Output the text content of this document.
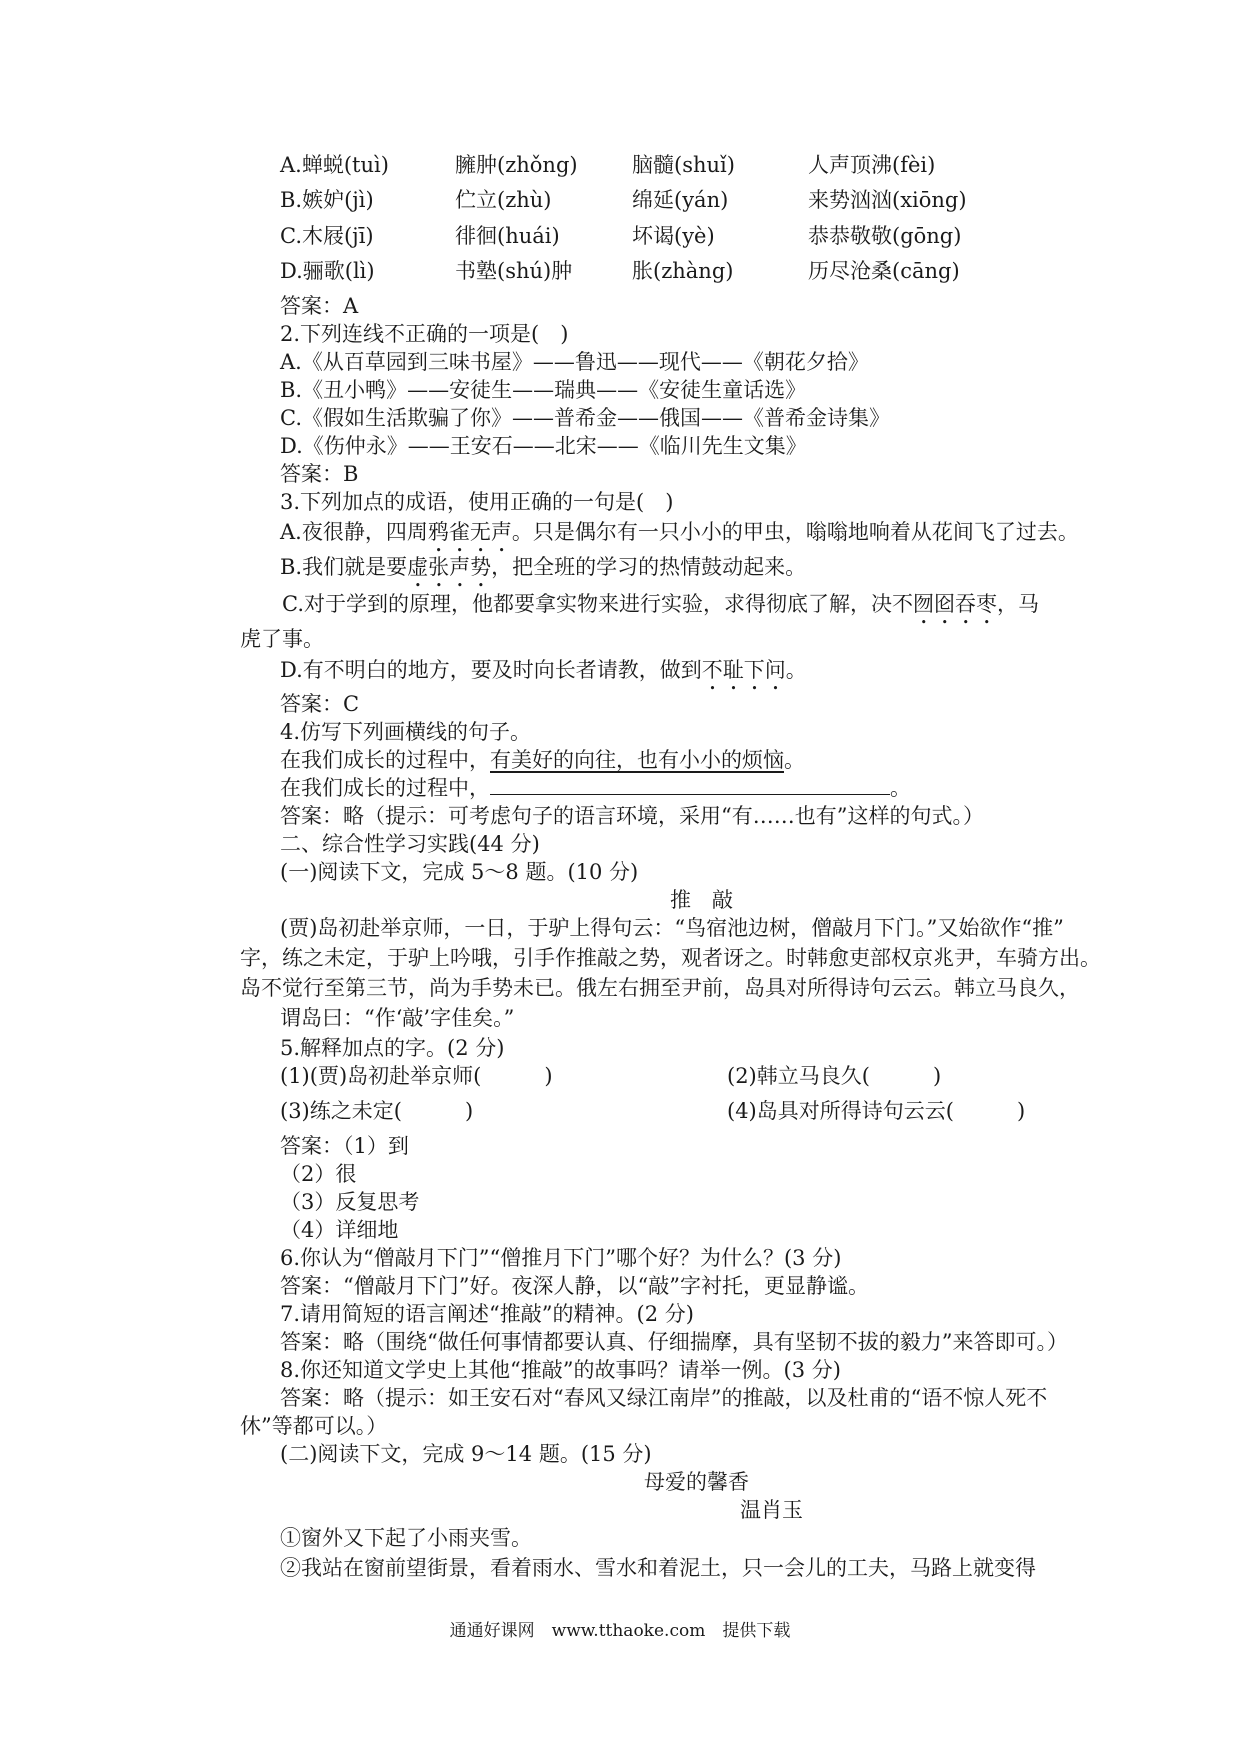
A.蝉蜕(tuì)	臃肿(zhǒng)	脑髓(shuǐ)	人声顶沸(fèi)
B.嫉妒(jì)	伫立(zhù)	绵延(yán)	来势汹汹(xiōng)
C.木屐(jī)	徘徊(huái)	坏谒(yè)	恭恭敬敬(gōng)
D.骊歌(lì)	书塾(shú)肿	胀(zhàng)	历尽沧桑(cāng)
答案：A
2.下列连线不正确的一项是(　)
A.《从百草园到三味书屋》——鲁迅——现代——《朝花夕拾》
B.《丑小鸭》——安徒生——瑞典——《安徒生童话选》
C.《假如生活欺骗了你》——普希金——俄国——《普希金诗集》
D.《伤仲永》——王安石——北宋——《临川先生文集》
答案：B
3.下列加点的成语，使用正确的一句是(　)
A.夜很静，四周鸦雀无声。只是偶尔有一只小小的甲虫，嗡嗡地响着从花间飞了过去。
B.我们就是要虚张声势，把全班的学习的热情鼓动起来。
C.对于学到的原理，他都要拿实物来进行实验，求得彻底了解，决不囫囵吞枣，马
虎了事。
D.有不明白的地方，要及时向长者请教，做到不耻下问。
答案：C
4.仿写下列画横线的句子。
在我们成长的过程中，有美好的向往，也有小小的烦恼。
在我们成长的过程中，	。
答案：略（提示：可考虑句子的语言环境，采用“有……也有”这样的句式。）
二、综合性学习实践(44 分)
(一)阅读下文，完成 5～8 题。(10 分)
推　敲
(贾)岛初赴举京师，一日，于驴上得句云：“鸟宿池边树，僧敲月下门。”又始欲作“推”
字，练之未定，于驴上吟哦，引手作推敲之势，观者讶之。时韩愈吏部权京兆尹，车骑方出。
岛不觉行至第三节，尚为手势未已。俄左右拥至尹前，岛具对所得诗句云云。韩立马良久，
谓岛曰：“作‘敲’字佳矣。”
5.解释加点的字。(2 分)
(1)(贾)岛初赴举京师(　　　)	(2)韩立马良久(　　　)
(3)练之未定(　　　)	(4)岛具对所得诗句云云(　　　)
答案：（1）到
（2）很
（3）反复思考
（4）详细地
6.你认为“僧敲月下门”“僧推月下门”哪个好？为什么？(3 分)
答案：“僧敲月下门”好。夜深人静，以“敲”字衬托，更显静谧。
7.请用简短的语言阐述“推敲”的精神。(2 分)
答案：略（围绕“做任何事情都要认真、仔细揣摩，具有坚韧不拔的毅力”来答即可。）
8.你还知道文学史上其他“推敲”的故事吗？请举一例。(3 分)
答案：略（提示：如王安石对“春风又绿江南岸”的推敲，以及杜甫的“语不惊人死不
休”等都可以。）
(二)阅读下文，完成 9～14 题。(15 分)
母爱的馨香
温肖玉
①窗外又下起了小雨夹雪。
②我站在窗前望街景，看着雨水、雪水和着泥土，只一会儿的工夫，马路上就变得
通通好课网　www.tthaoke.com　提供下载
